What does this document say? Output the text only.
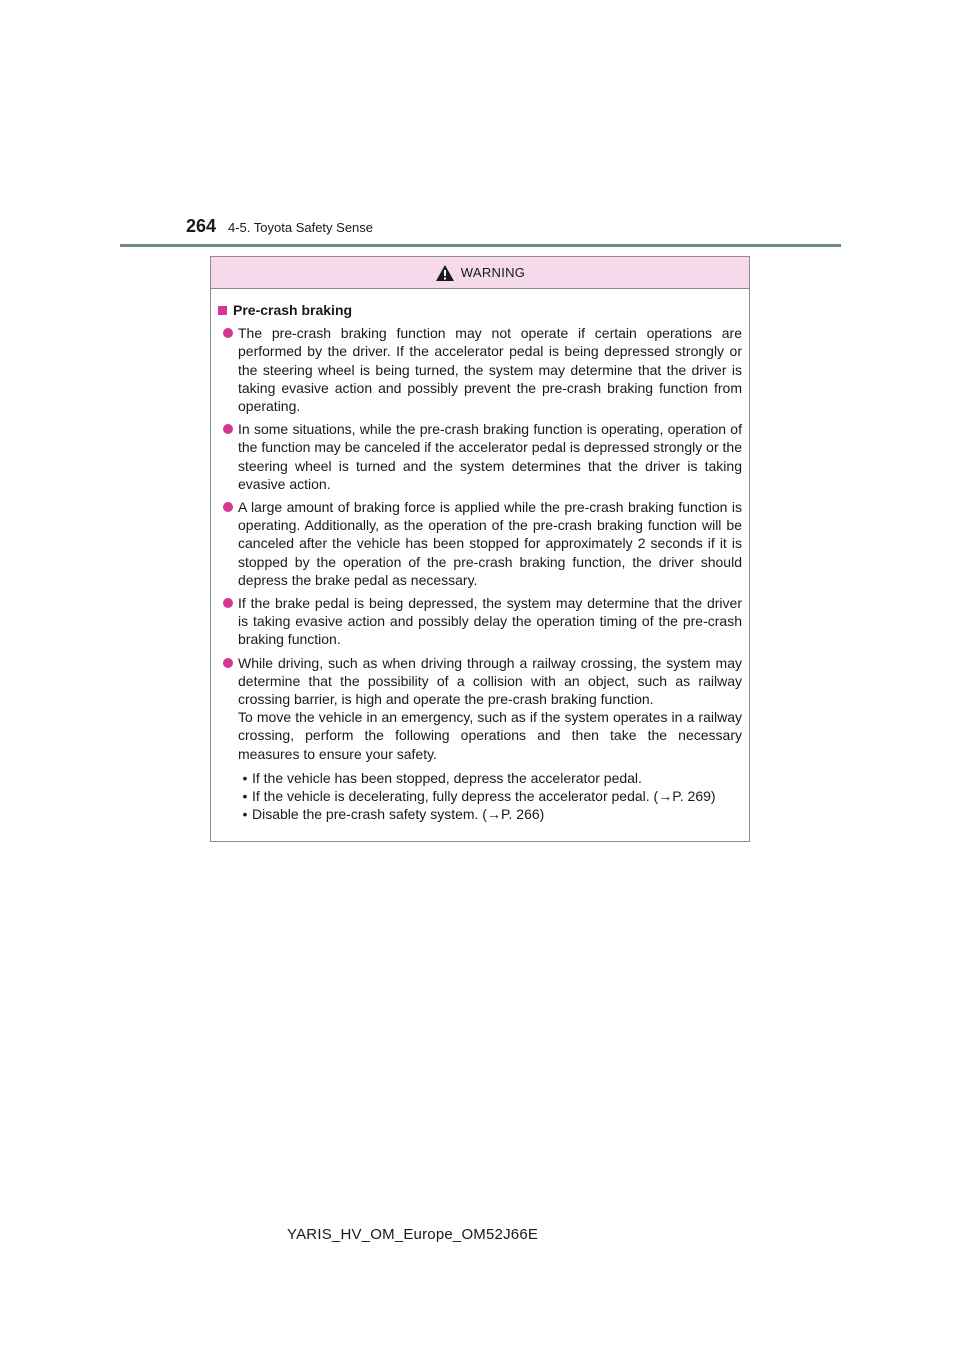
264 4-5. Toyota Safety Sense
WARNING
Pre-crash braking
The pre-crash braking function may not operate if certain operations are performed by the driver. If the accelerator pedal is being depressed strongly or the steering wheel is being turned, the system may determine that the driver is taking evasive action and possibly prevent the pre-crash braking function from operating.
In some situations, while the pre-crash braking function is operating, operation of the function may be canceled if the accelerator pedal is depressed strongly or the steering wheel is turned and the system determines that the driver is taking evasive action.
A large amount of braking force is applied while the pre-crash braking function is operating. Additionally, as the operation of the pre-crash braking function will be canceled after the vehicle has been stopped for approximately 2 seconds if it is stopped by the operation of the pre-crash braking function, the driver should depress the brake pedal as necessary.
If the brake pedal is being depressed, the system may determine that the driver is taking evasive action and possibly delay the operation timing of the pre-crash braking function.
While driving, such as when driving through a railway crossing, the system may determine that the possibility of a collision with an object, such as railway crossing barrier, is high and operate the pre-crash braking function.
To move the vehicle in an emergency, such as if the system operates in a railway crossing, perform the following operations and then take the necessary measures to ensure your safety.
• If the vehicle has been stopped, depress the accelerator pedal.
• If the vehicle is decelerating, fully depress the accelerator pedal. (→P. 269)
• Disable the pre-crash safety system. (→P. 266)
YARIS_HV_OM_Europe_OM52J66E
